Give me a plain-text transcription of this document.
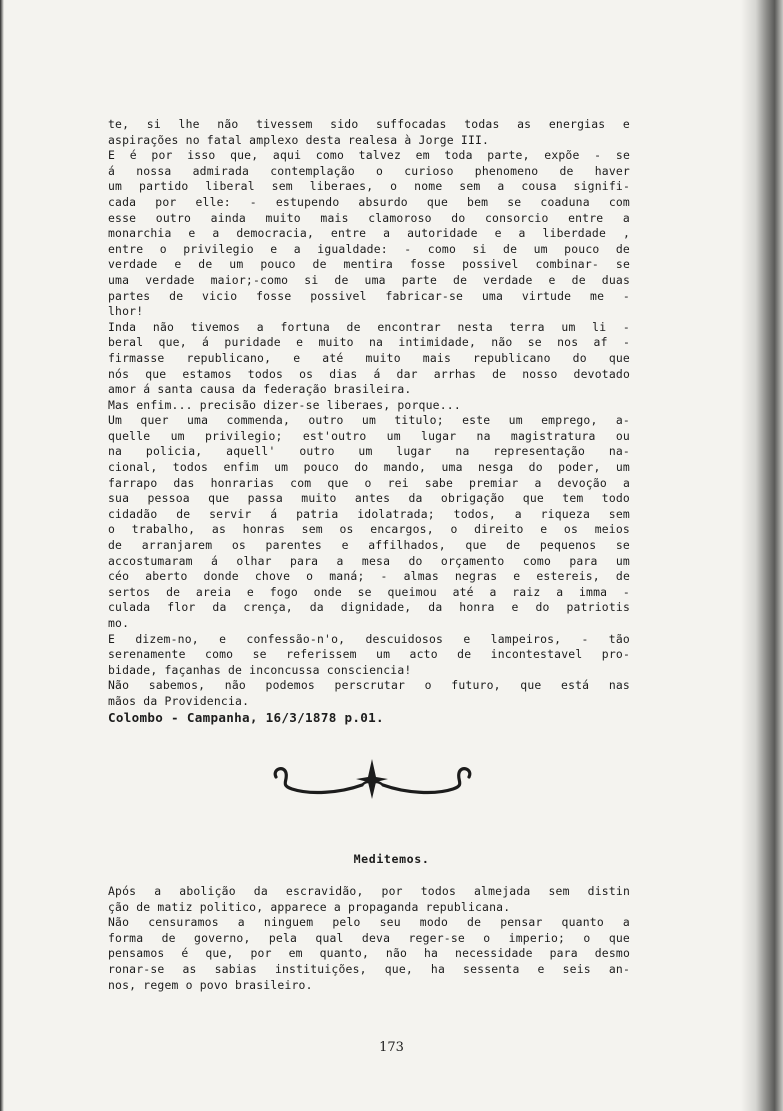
te, si lhe não tivessem sido suffocadas todas as energias e
aspirações no fatal amplexo desta realesa à Jorge III.
E é por isso que, aqui como talvez em toda parte, expõe - se
á nossa admirada contemplação o curioso phenomeno de haver
um partido liberal sem liberaes, o nome sem a cousa signifi-
cada por elle: - estupendo absurdo que bem se coaduna com
esse outro ainda muito mais clamoroso do consorcio entre a
monarchia e a democracia, entre a autoridade e a liberdade ,
entre o privilegio e a igualdade: - como si de um pouco de
verdade e de um pouco de mentira fosse possivel combinar- se
uma verdade maior;-como si de uma parte de verdade e de duas
partes de vicio fosse possivel fabricar-se uma virtude me -
lhor!
Inda não tivemos a fortuna de encontrar nesta terra um li -
beral que, á puridade e muito na intimidade, não se nos af -
firmasse republicano, e até muito mais republicano do que
nós que estamos todos os dias á dar arrhas de nosso devotado
amor á santa causa da federação brasileira.
Mas enfim... precisão dizer-se liberaes, porque...
Um quer uma commenda, outro um titulo; este um emprego, a-
quelle um privilegio; est'outro um lugar na magistratura ou
na policia, aquell' outro um lugar na representação na-
cional, todos enfim um pouco do mando, uma nesga do poder, um
farrapo das honrarias com que o rei sabe premiar a devoção a
sua pessoa que passa muito antes da obrigação que tem todo
cidadão de servir á patria idolatrada; todos, a riqueza sem
o trabalho, as honras sem os encargos, o direito e os meios
de arranjarem os parentes e affilhados, que de pequenos se
accostumaram á olhar para a mesa do orçamento como para um
céo aberto donde chove o maná; - almas negras e estereis, de
sertos de areia e fogo onde se queimou até a raiz a imma -
culada flor da crença, da dignidade, da honra e do patriotis
mo.
E dizem-no, e confessão-n'o, descuidosos e lampeiros, - tão
serenamente como se referissem um acto de incontestavel pro-
bidade, façanhas de inconcussa consciencia!
Não sabemos, não podemos perscrutar o futuro, que está nas
mãos da Providencia.
Colombo - Campanha, 16/3/1878 p.01.
Meditemos.
Após a abolição da escravidão, por todos almejada sem distin
ção de matiz politico, apparece a propaganda republicana.
Não censuramos a ninguem pelo seu modo de pensar quanto a
forma de governo, pela qual deva reger-se o imperio; o que
pensamos é que, por em quanto, não ha necessidade para desmo
ronar-se as sabias instituições, que, ha sessenta e seis an-
nos, regem o povo brasileiro.
173
